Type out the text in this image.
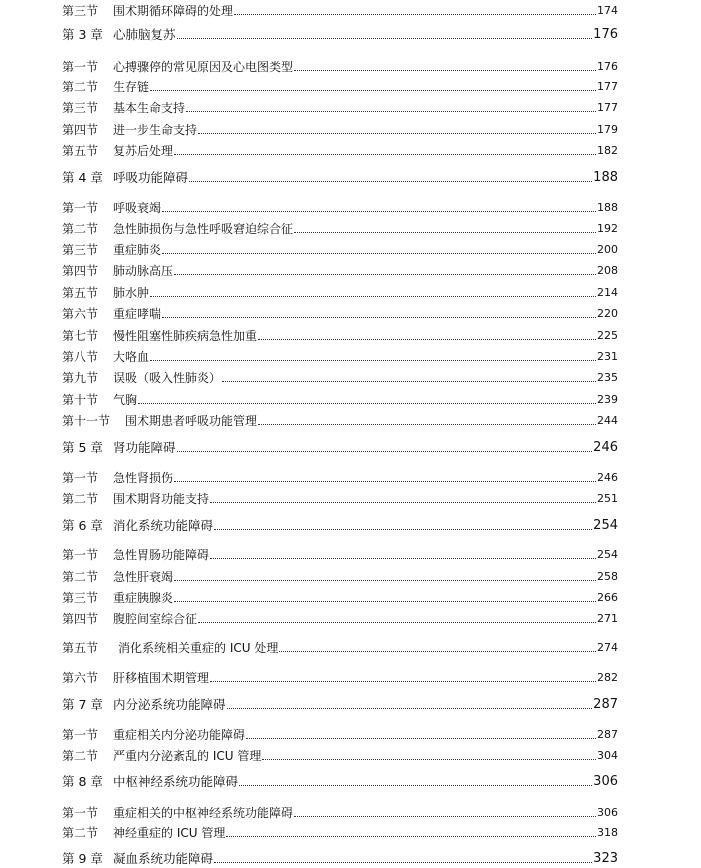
第三节	围术期循环障碍的处理	174
第 3 章 心肺脑复苏	176
第一节	心搏骤停的常见原因及心电图类型	176
第二节	生存链	177
第三节	基本生命支持	177
第四节	进一步生命支持	179
第五节	复苏后处理	182
第 4 章 呼吸功能障碍	188
第一节	呼吸衰竭	188
第二节	急性肺损伤与急性呼吸窘迫综合征	192
第三节	重症肺炎	200
第四节	肺动脉高压	208
第五节	肺水肿	214
第六节	重症哮喘	220
第七节	慢性阻塞性肺疾病急性加重	225
第八节	大咯血	231
第九节	误吸（吸入性肺炎）	235
第十节	气胸	239
第十一节	围术期患者呼吸功能管理	244
第 5 章 肾功能障碍	246
第一节	急性肾损伤	246
第二节	围术期肾功能支持	251
第 6 章 消化系统功能障碍	254
第一节	急性胃肠功能障碍	254
第二节	急性肝衰竭	258
第三节	重症胰腺炎	266
第四节	腹腔间室综合征	271
第五节	消化系统相关重症的 ICU 处理	274
第六节	肝移植围术期管理	282
第 7 章 内分泌系统功能障碍	287
第一节	重症相关内分泌功能障碍	287
第二节	严重内分泌紊乱的 ICU 管理	304
第 8 章 中枢神经系统功能障碍	306
第一节	重症相关的中枢神经系统功能障碍	306
第二节	神经重症的 ICU 管理	318
第 9 章 凝血系统功能障碍	323
